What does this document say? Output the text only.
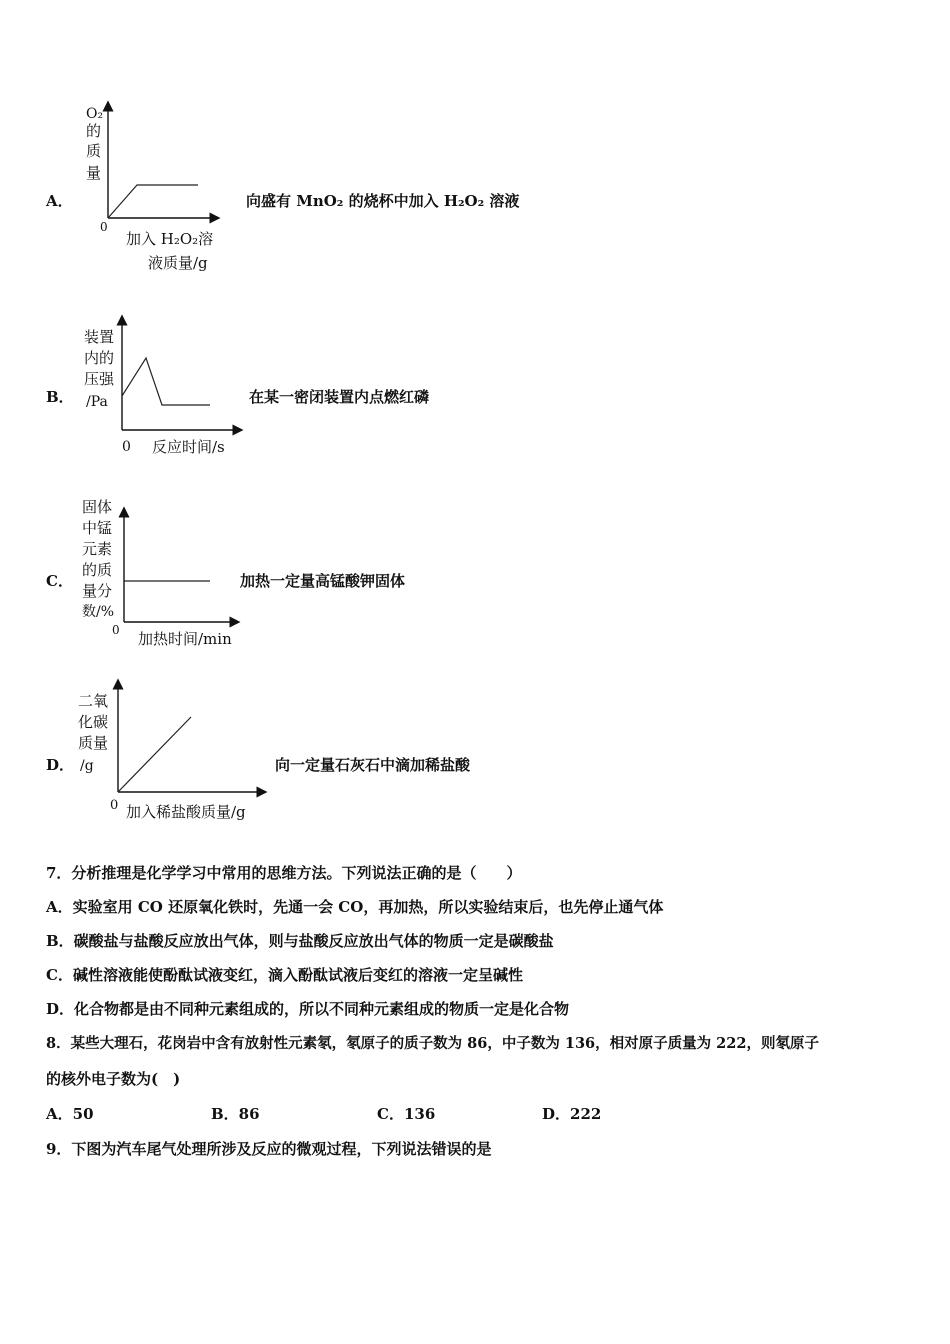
A．
O₂
的
质
量
0
加入 H₂O₂溶
液质量/g
向盛有 MnO₂ 的烧杯中加入 H₂O₂ 溶液
B．
装置
内的
压强
/Pa
0 反应时间/s
在某一密闭装置内点燃红磷
C．
固体
中锰
元素
的质
量分
数/%
0 加热时间/min
加热一定量高锰酸钾固体
D．
二氧
化碳
质量
/g
0 加入稀盐酸质量/g
向一定量石灰石中滴加稀盐酸
7．分析推理是化学学习中常用的思维方法。下列说法正确的是（　　）
A．实验室用 CO 还原氧化铁时，先通一会 CO，再加热，所以实验结束后，也先停止通气体
B．碳酸盐与盐酸反应放出气体，则与盐酸反应放出气体的物质一定是碳酸盐
C．碱性溶液能使酚酞试液变红，滴入酚酞试液后变红的溶液一定呈碱性
D．化合物都是由不同种元素组成的，所以不同种元素组成的物质一定是化合物
8．某些大理石，花岗岩中含有放射性元素氡，氡原子的质子数为 86，中子数为 136，相对原子质量为 222，则氡原子
的核外电子数为(　)
A．50	B．86	C．136	D．222
9．下图为汽车尾气处理所涉及反应的微观过程，下列说法错误的是
